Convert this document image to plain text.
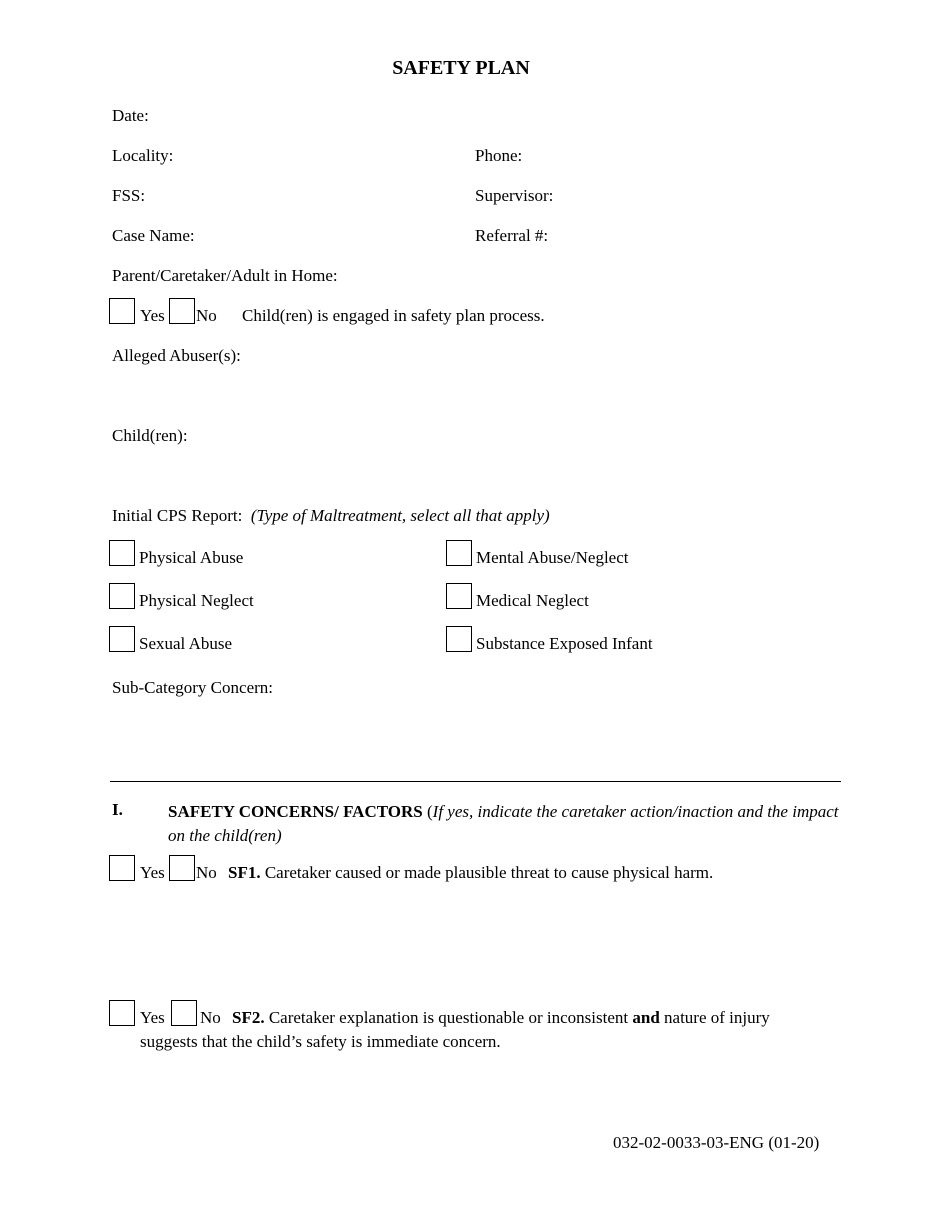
SAFETY PLAN
Date:
Locality:	Phone:
FSS:	Supervisor:
Case Name:	Referral #:
Parent/Caretaker/Adult in Home:
Yes No Child(ren) is engaged in safety plan process.
Alleged Abuser(s):
Child(ren):
Initial CPS Report: (Type of Maltreatment, select all that apply)
Physical Abuse	Mental Abuse/Neglect
Physical Neglect	Medical Neglect
Sexual Abuse	Substance Exposed Infant
Sub-Category Concern:
I.	SAFETY CONCERNS/ FACTORS (If yes, indicate the caretaker action/inaction and the impact on the child(ren)
Yes No SF1. Caretaker caused or made plausible threat to cause physical harm.
Yes No SF2. Caretaker explanation is questionable or inconsistent and nature of injury
suggests that the child’s safety is immediate concern.
032-02-0033-03-ENG (01-20)
